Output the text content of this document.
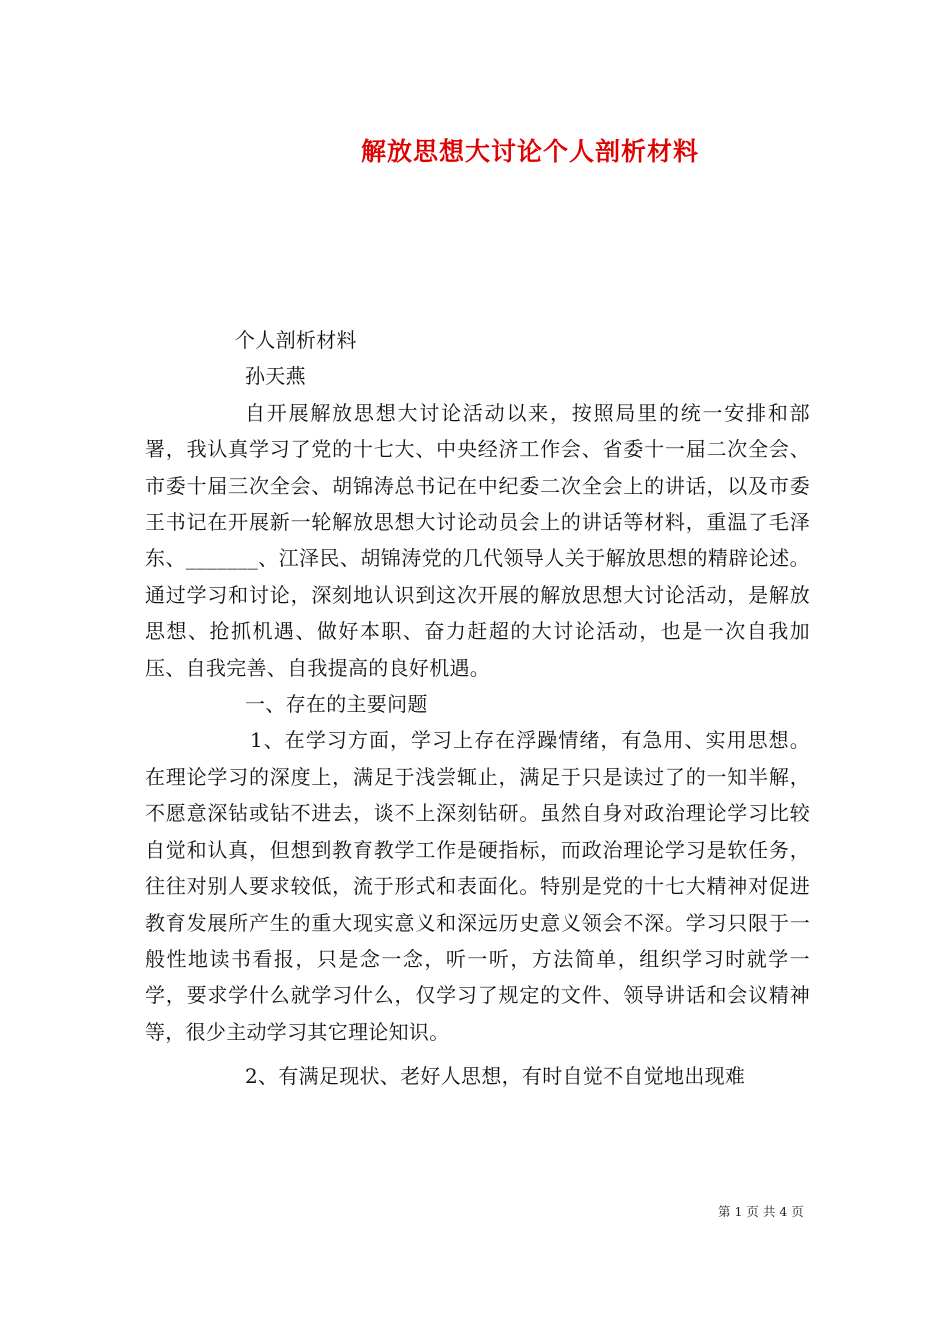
解放思想大讨论个人剖析材料

个人剖析材料

孙天燕

自开展解放思想大讨论活动以来，按照局里的统一安排和部署，我认真学习了党的十七大、中央经济工作会、省委十一届二次全会、市委十届三次全会、胡锦涛总书记在中纪委二次全会上的讲话，以及市委王书记在开展新一轮解放思想大讨论动员会上的讲话等材料，重温了毛泽东、_______、江泽民、胡锦涛党的几代领导人关于解放思想的精辟论述。通过学习和讨论，深刻地认识到这次开展的解放思想大讨论活动，是解放思想、抢抓机遇、做好本职、奋力赶超的大讨论活动，也是一次自我加压、自我完善、自我提高的良好机遇。

一、存在的主要问题

1、在学习方面，学习上存在浮躁情绪，有急用、实用思想。在理论学习的深度上，满足于浅尝辄止，满足于只是读过了的一知半解，不愿意深钻或钻不进去，谈不上深刻钻研。虽然自身对政治理论学习比较自觉和认真，但想到教育教学工作是硬指标，而政治理论学习是软任务，往往对别人要求较低，流于形式和表面化。特别是党的十七大精神对促进教育发展所产生的重大现实意义和深远历史意义领会不深。学习只限于一般性地读书看报，只是念一念，听一听，方法简单，组织学习时就学一学，要求学什么就学习什么，仅学习了规定的文件、领导讲话和会议精神等，很少主动学习其它理论知识。

2、有满足现状、老好人思想，有时自觉不自觉地出现难

第 1 页 共 4 页
